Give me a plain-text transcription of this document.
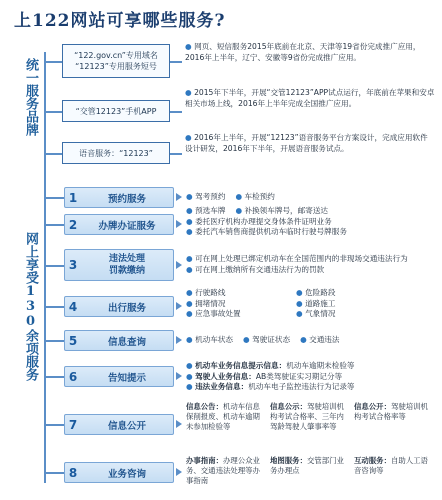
上122网站可享哪些服务?
统一服务品牌
“122.gov.cn”专用域名
“12123”专用服务短号
● 网页、短信服务2015年底前在北京、天津等19省份完成推广应用，2016年上半年，辽宁、安徽等9省份完成推广应用。
“交管12123”手机APP
● 2015年下半年，开展“交管12123”APP试点运行，年底前在苹果和安卓相关市场上线，2016年上半年完成全国推广应用。
语音服务：“12123”
● 2016年上半年，开展“12123”语音服务平台方案设计，完成应用软件设计研发，2016年下半年，开展语音服务试点。
网上享受130余项服务
1	预约服务	● 驾考预约 ● 车检预约
2	办牌办证服务
● 预选车牌 ● 补换领车牌号，邮寄送达
● 委托医疗机构办理提交身体条件证明业务
● 委托汽车销售商提供机动车临时行驶号牌服务
3	违法处理
罚款缴纳
● 可在网上处理已绑定机动车在全国范围内的非现场交通违法行为
● 可在网上缴纳所有交通违法行为的罚款
4	出行服务
● 行驶路线	● 危险路段
● 拥堵情况	● 道路施工
● 应急事故处置	● 气象情况
5	信息查询	● 机动车状态 ● 驾驶证状态 ● 交通违法
6	告知提示
● 机动车业务信息提示信息：机动车逾期未检验等
● 驾驶人业务信息：AB类驾驶证实习期记分等
● 违法业务信息：机动车电子监控违法行为记录等
7	信息公开
信息公告：机动车信息保削报废、机动车逾期未参加检验等
信息公示：驾驶培训机构考试合格率、三年内驾龄驾驶人肇事率等
信息公开：驾驶培训机构考试合格率等
8	业务咨询
办事指南：办理公众业务、交通违法处理等办事指南
地图服务：交管部门业务办理点
互动服务：自助人工语音咨询等
